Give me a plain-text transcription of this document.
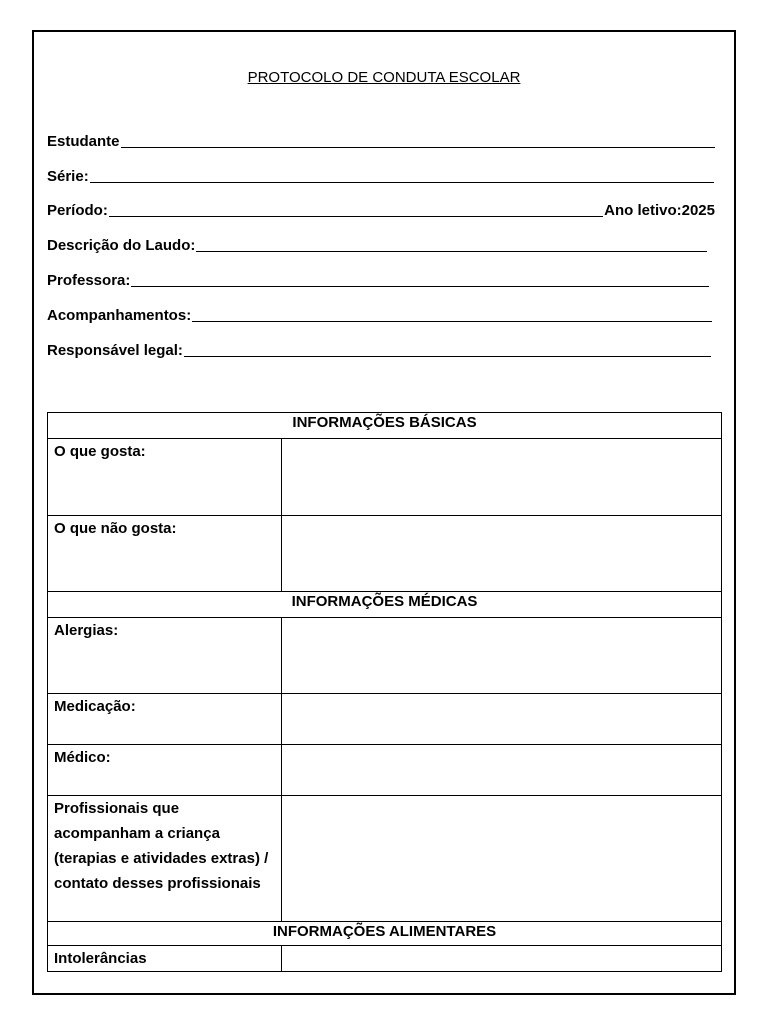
PROTOCOLO DE CONDUTA ESCOLAR
Estudante
Série:
Período:	Ano letivo:2025
Descrição do Laudo:
Professora:
Acompanhamentos:
Responsável legal:
INFORMAÇÕES BÁSICAS	
O que gosta:	
O que não gosta:	
INFORMAÇÕES MÉDICAS	
Alergias:	
Medicação:	
Médico:	
Profissionais que acompanham a criança (terapias e atividades extras) / contato desses profissionais	
INFORMAÇÕES ALIMENTARES	
Intolerâncias	
